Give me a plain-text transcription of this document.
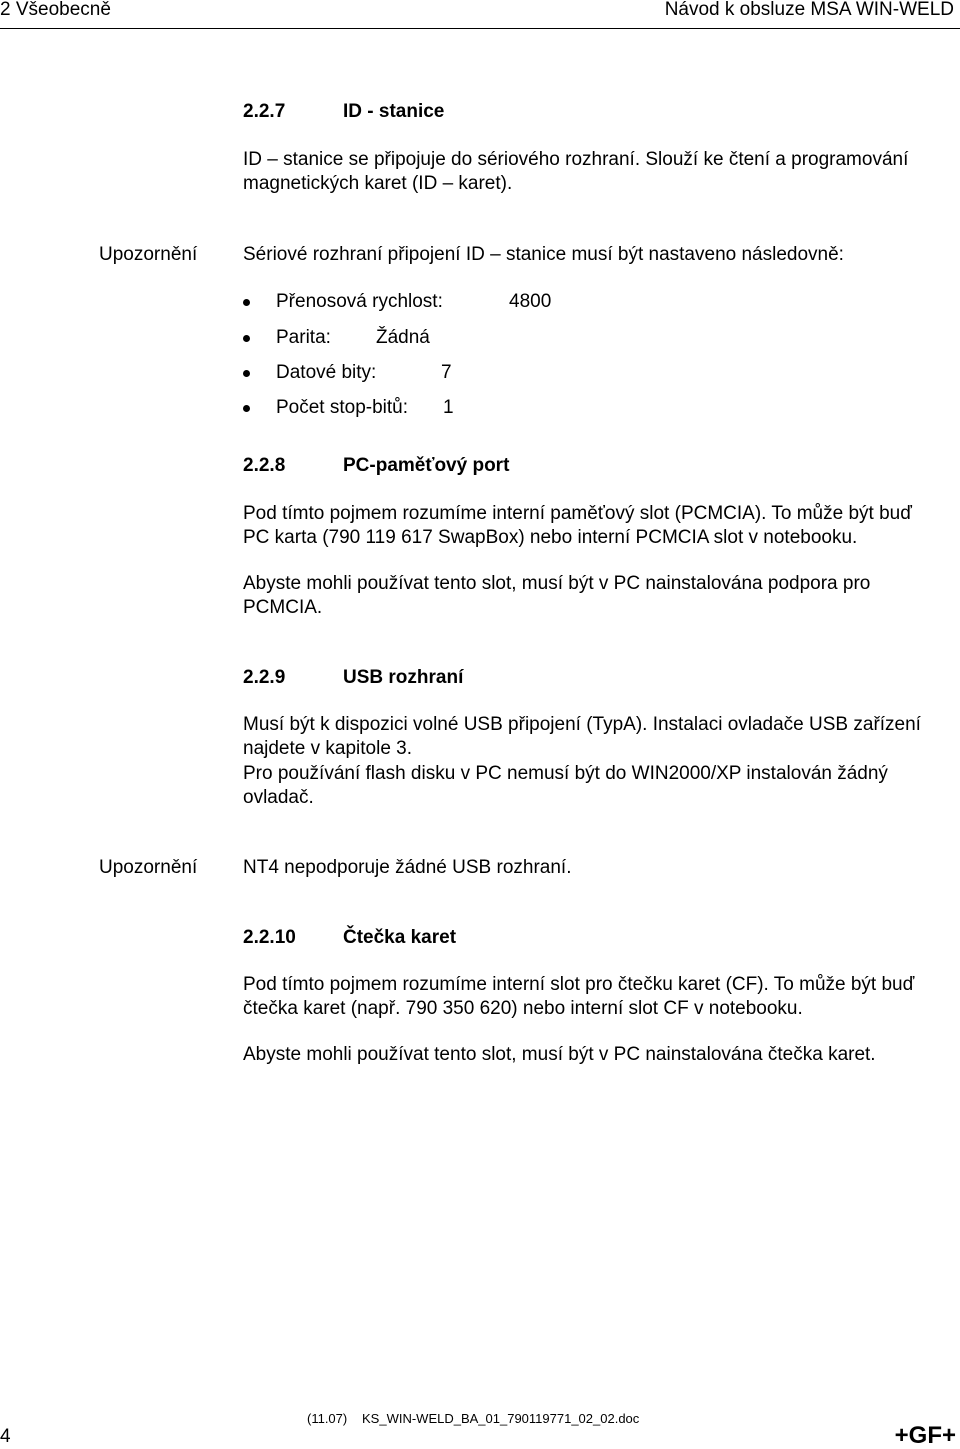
2 Všeobecně	Návod k obsluze MSA WIN-WELD
2.2.7	ID - stanice
ID – stanice se připojuje do sériového rozhraní. Slouží ke čtení a programování magnetických karet (ID – karet).
Upozornění Sériové rozhraní připojení ID – stanice musí být nastaveno následovně:
Přenosová rychlost:	4800
Parita: Žádná
Datové bity:	7
Počet stop-bitů: 1
2.2.8	PC-paměťový port
Pod tímto pojmem rozumíme interní paměťový slot (PCMCIA). To může být buď PC karta (790 119 617 SwapBox) nebo interní PCMCIA slot v notebooku.
Abyste mohli používat tento slot, musí být v PC nainstalována podpora pro PCMCIA.
2.2.9	USB rozhraní
Musí být k dispozici volné USB připojení (TypA). Instalaci ovladače USB zařízení najdete v kapitole 3.
Pro používání flash disku v PC nemusí být do WIN2000/XP instalován žádný ovladač.
Upozornění NT4 nepodporuje žádné USB rozhraní.
2.2.10 Čtečka karet
Pod tímto pojmem rozumíme interní slot pro čtečku karet (CF). To může být buď čtečka karet (např. 790 350 620) nebo interní slot CF v notebooku.
Abyste mohli používat tento slot, musí být v PC nainstalována čtečka karet.
4
(11.07) KS_WIN-WELD_BA_01_790119771_02_02.doc
+GF+
